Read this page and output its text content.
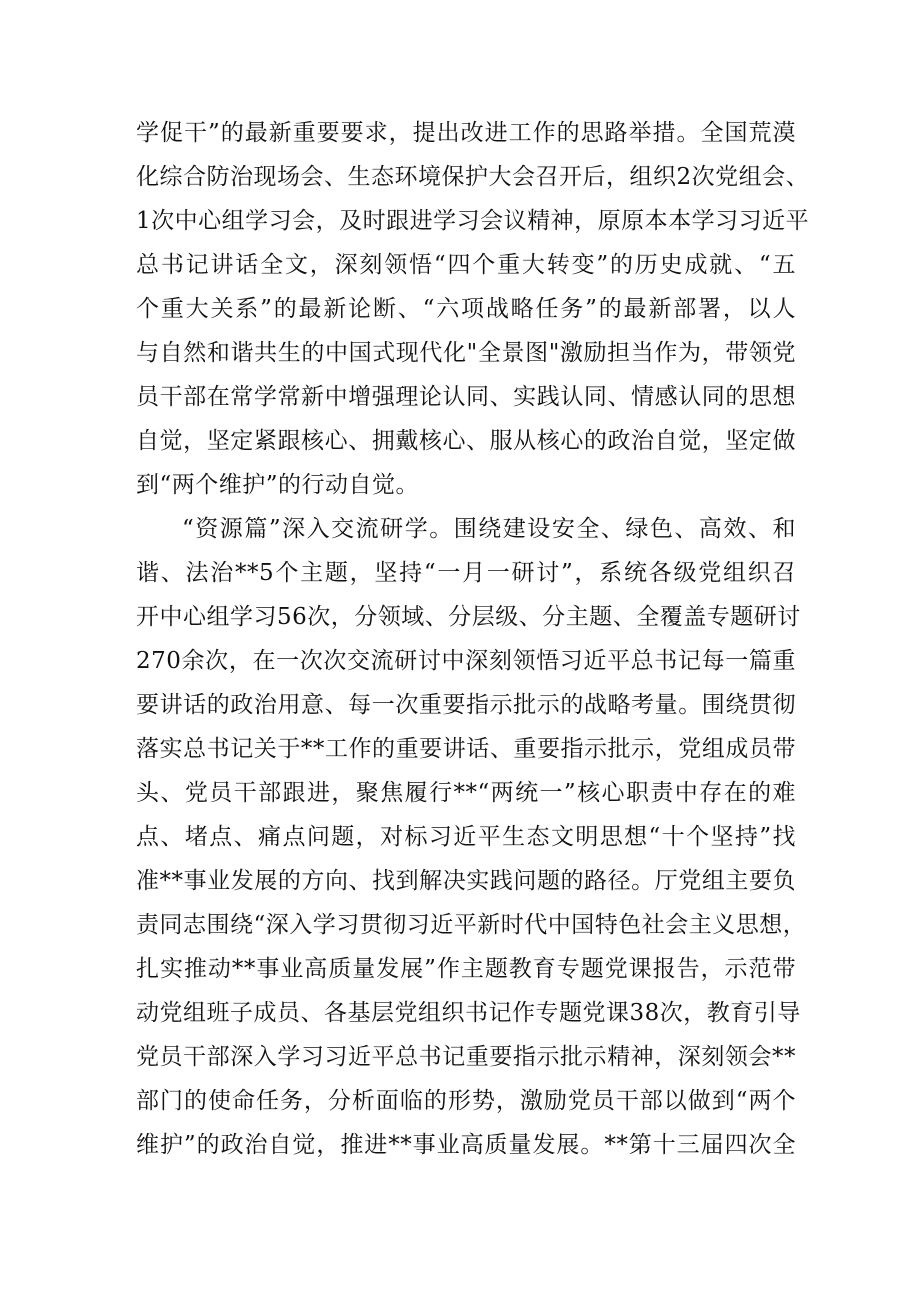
学促干”的最新重要要求，提出改进工作的思路举措。全国荒漠
化综合防治现场会、生态环境保护大会召开后，组织2次党组会、
1次中心组学习会，及时跟进学习会议精神，原原本本学习习近平
总书记讲话全文，深刻领悟“四个重大转变”的历史成就、“五
个重大关系”的最新论断、“六项战略任务”的最新部署，以人
与自然和谐共生的中国式现代化"全景图"激励担当作为，带领党
员干部在常学常新中增强理论认同、实践认同、情感认同的思想
自觉，坚定紧跟核心、拥戴核心、服从核心的政治自觉，坚定做
到“两个维护”的行动自觉。
“资源篇”深入交流研学。围绕建设安全、绿色、高效、和
谐、法治**5个主题，坚持“一月一研讨”，系统各级党组织召
开中心组学习56次，分领域、分层级、分主题、全覆盖专题研讨
270余次，在一次次交流研讨中深刻领悟习近平总书记每一篇重
要讲话的政治用意、每一次重要指示批示的战略考量。围绕贯彻
落实总书记关于**工作的重要讲话、重要指示批示，党组成员带
头、党员干部跟进，聚焦履行**“两统一”核心职责中存在的难
点、堵点、痛点问题，对标习近平生态文明思想“十个坚持”找
准**事业发展的方向、找到解决实践问题的路径。厅党组主要负
责同志围绕“深入学习贯彻习近平新时代中国特色社会主义思想，
扎实推动**事业高质量发展”作主题教育专题党课报告，示范带
动党组班子成员、各基层党组织书记作专题党课38次，教育引导
党员干部深入学习习近平总书记重要指示批示精神，深刻领会**
部门的使命任务，分析面临的形势，激励党员干部以做到“两个
维护”的政治自觉，推进**事业高质量发展。**第十三届四次全
